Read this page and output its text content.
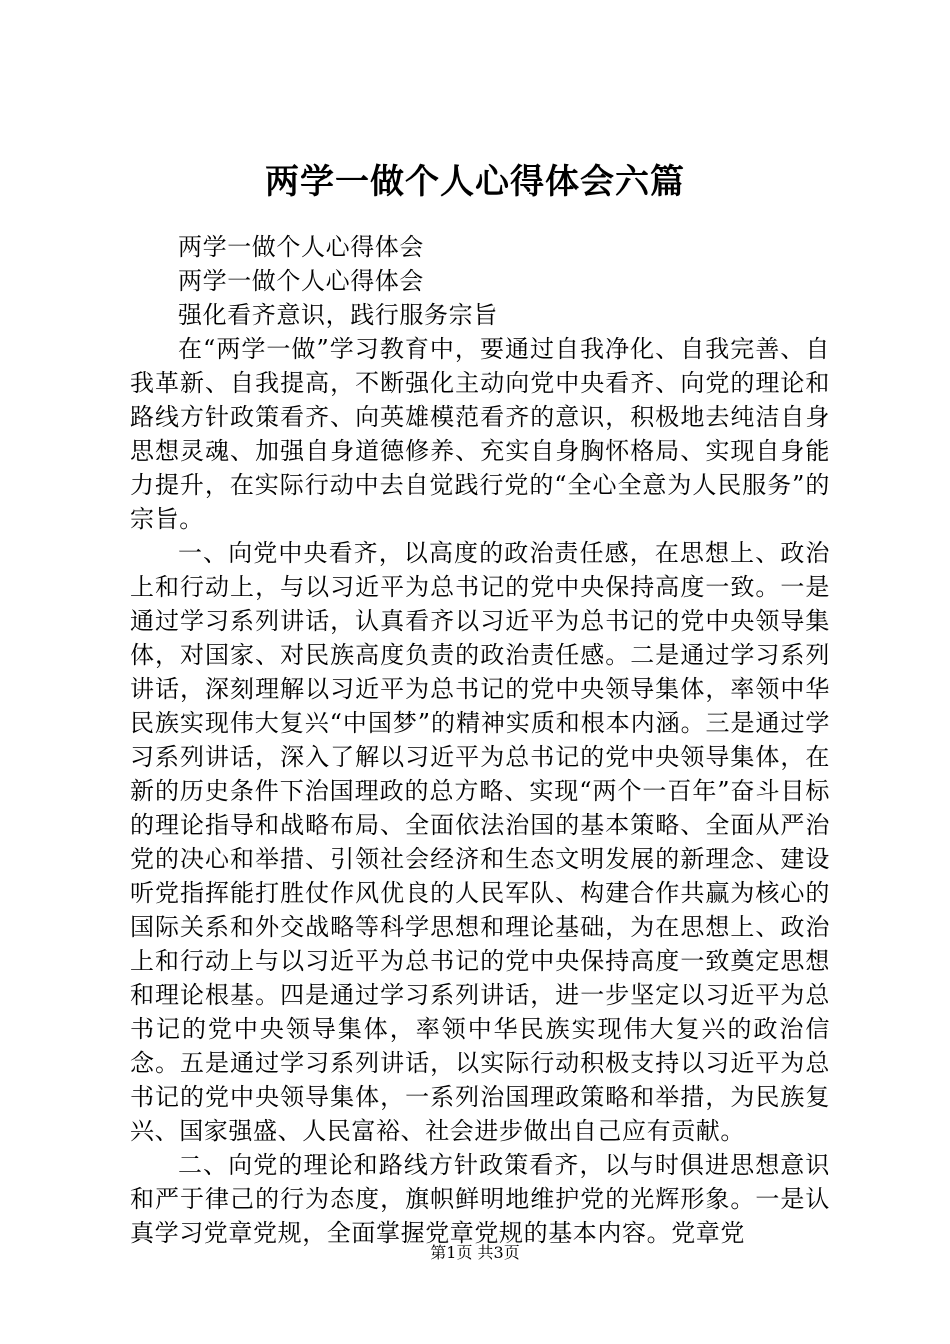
两学一做个人心得体会六篇

两学一做个人心得体会

两学一做个人心得体会

强化看齐意识，践行服务宗旨

在“两学一做”学习教育中，要通过自我净化、自我完善、自我革新、自我提高，不断强化主动向党中央看齐、向党的理论和路线方针政策看齐、向英雄模范看齐的意识，积极地去纯洁自身思想灵魂、加强自身道德修养、充实自身胸怀格局、实现自身能力提升，在实际行动中去自觉践行党的“全心全意为人民服务”的宗旨。

一、向党中央看齐，以高度的政治责任感，在思想上、政治上和行动上，与以习近平为总书记的党中央保持高度一致。一是通过学习系列讲话，认真看齐以习近平为总书记的党中央领导集体，对国家、对民族高度负责的政治责任感。二是通过学习系列讲话，深刻理解以习近平为总书记的党中央领导集体，率领中华民族实现伟大复兴“中国梦”的精神实质和根本内涵。三是通过学习系列讲话，深入了解以习近平为总书记的党中央领导集体，在新的历史条件下治国理政的总方略、实现“两个一百年”奋斗目标的理论指导和战略布局、全面依法治国的基本策略、全面从严治党的决心和举措、引领社会经济和生态文明发展的新理念、建设听党指挥能打胜仗作风优良的人民军队、构建合作共赢为核心的国际关系和外交战略等科学思想和理论基础，为在思想上、政治上和行动上与以习近平为总书记的党中央保持高度一致奠定思想和理论根基。四是通过学习系列讲话，进一步坚定以习近平为总书记的党中央领导集体，率领中华民族实现伟大复兴的政治信念。五是通过学习系列讲话，以实际行动积极支持以习近平为总书记的党中央领导集体，一系列治国理政策略和举措，为民族复兴、国家强盛、人民富裕、社会进步做出自己应有贡献。

二、向党的理论和路线方针政策看齐，以与时俱进思想意识和严于律己的行为态度，旗帜鲜明地维护党的光辉形象。一是认真学习党章党规，全面掌握党章党规的基本内容。党章党

第1页 共3页
